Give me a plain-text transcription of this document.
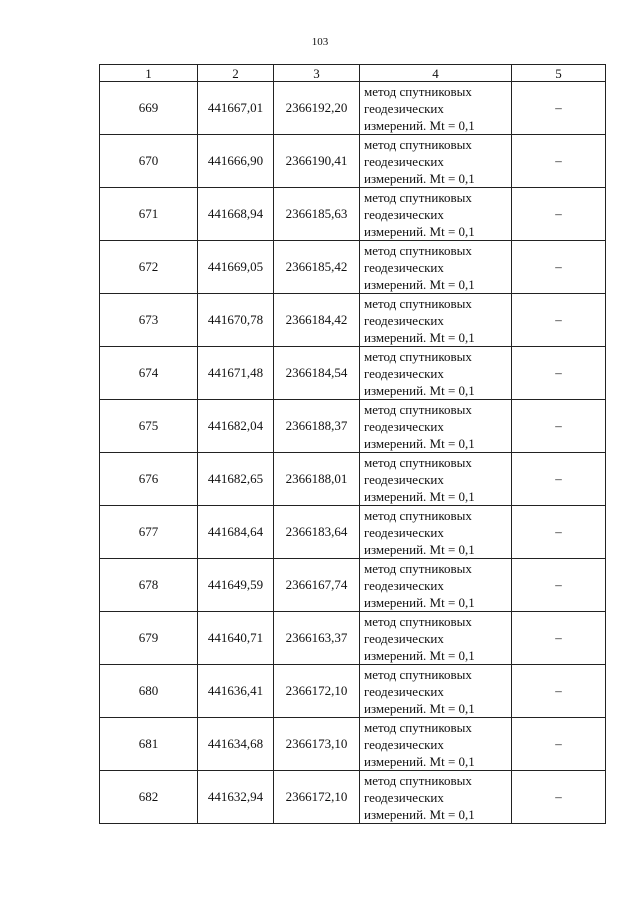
103
1	2	3	4	5
669	441667,01	2366192,20	метод спутниковых
геодезических
измерений. Mt = 0,1	–
670	441666,90	2366190,41	метод спутниковых
геодезических
измерений. Mt = 0,1	–
671	441668,94	2366185,63	метод спутниковых
геодезических
измерений. Mt = 0,1	–
672	441669,05	2366185,42	метод спутниковых
геодезических
измерений. Mt = 0,1	–
673	441670,78	2366184,42	метод спутниковых
геодезических
измерений. Mt = 0,1	–
674	441671,48	2366184,54	метод спутниковых
геодезических
измерений. Mt = 0,1	–
675	441682,04	2366188,37	метод спутниковых
геодезических
измерений. Mt = 0,1	–
676	441682,65	2366188,01	метод спутниковых
геодезических
измерений. Mt = 0,1	–
677	441684,64	2366183,64	метод спутниковых
геодезических
измерений. Mt = 0,1	–
678	441649,59	2366167,74	метод спутниковых
геодезических
измерений. Mt = 0,1	–
679	441640,71	2366163,37	метод спутниковых
геодезических
измерений. Mt = 0,1	–
680	441636,41	2366172,10	метод спутниковых
геодезических
измерений. Mt = 0,1	–
681	441634,68	2366173,10	метод спутниковых
геодезических
измерений. Mt = 0,1	–
682	441632,94	2366172,10	метод спутниковых
геодезических
измерений. Mt = 0,1	–
